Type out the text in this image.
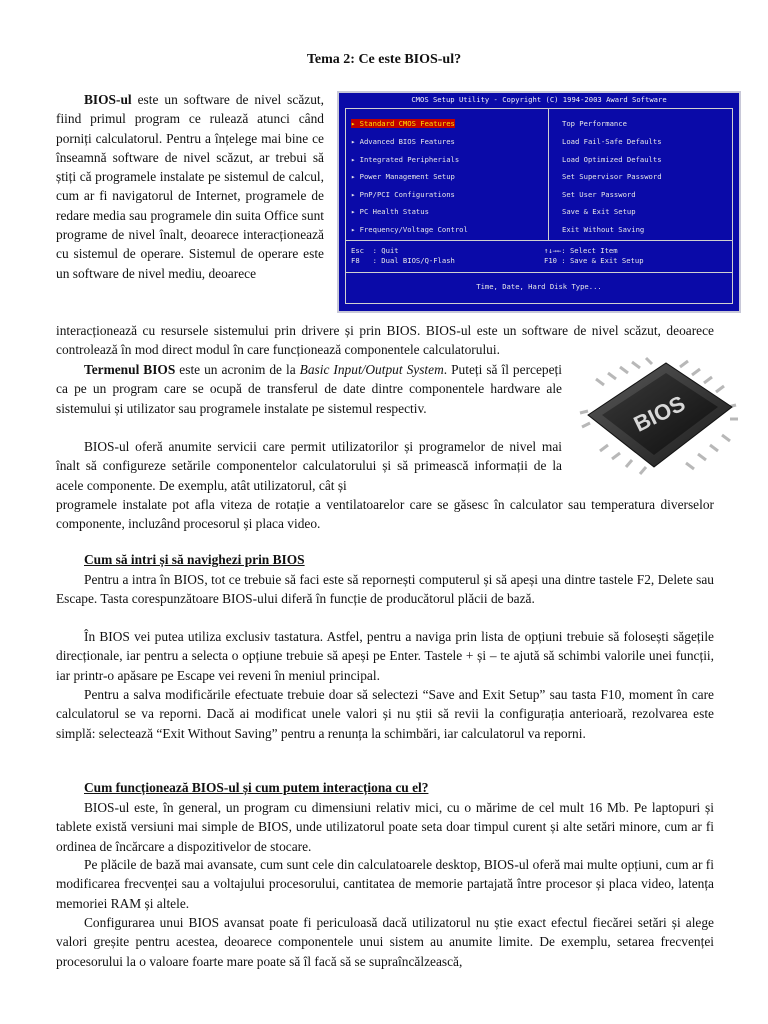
Tema 2: Ce este BIOS-ul?

BIOS-ul este un software de nivel scăzut, fiind primul program ce rulează atunci când porniți calculatorul. Pentru a înțelege mai bine ce înseamnă software de nivel scăzut, ar trebui să știți că programele instalate pe sistemul de calcul, cum ar fi navigatorul de Internet, programele de redare media sau programele din suita Office sunt programe de nivel înalt, deoarece interacționează cu sistemul de operare. Sistemul de operare este un software de nivel mediu, deoarece

interacționează cu resursele sistemului prin drivere și prin BIOS. BIOS-ul este un software de nivel scăzut, deoarece controlează în mod direct modul în care funcționează componentele calculatorului.

CMOS Setup Utility - Copyright (C) 1994-2003 Award Software
▸ Standard CMOS Features
▸ Advanced BIOS Features
▸ Integrated Peripherials
▸ Power Management Setup
▸ PnP/PCI Configurations
▸ PC Health Status
▸ Frequency/Voltage Control
Top Performance
Load Fail-Safe Defaults
Load Optimized Defaults
Set Supervisor Password
Set User Password
Save & Exit Setup
Exit Without Saving
Esc  : Quit
F8   : Dual BIOS/Q-Flash
↑↓→←: Select Item
F10 : Save & Exit Setup
Time, Date, Hard Disk Type...

Termenul BIOS este un acronim de la Basic Input/Output System. Puteți să îl percepeți ca pe un program care se ocupă de transferul de date dintre componentele hardware ale sistemului și utilizator sau programele instalate pe sistemul respectiv.

BIOS-ul oferă anumite servicii care permit utilizatorilor și programelor de nivel mai înalt să configureze setările componentelor calculatorului și să primească informații de la acele componente. De exemplu, atât utilizatorul, cât și

programele instalate pot afla viteza de rotație a ventilatoarelor care se găsesc în calculator sau temperatura diverselor componente, incluzând procesorul și placa video.

BIOS
Cum să intri și să navighezi prin BIOS

Pentru a intra în BIOS, tot ce trebuie să faci este să repornești computerul și să apeși una dintre tastele F2, Delete sau Escape. Tasta corespunzătoare BIOS-ului diferă în funcție de producătorul plăcii de bază.

În BIOS vei putea utiliza exclusiv tastatura. Astfel, pentru a naviga prin lista de opțiuni trebuie să folosești săgețile direcționale, iar pentru a selecta o opțiune trebuie să apeși pe Enter. Tastele + și – te ajută să schimbi valorile unei funcții, iar printr-o apăsare pe Escape vei reveni în meniul principal.

Pentru a salva modificările efectuate trebuie doar să selectezi “Save and Exit Setup” sau tasta F10, moment în care calculatorul se va reporni. Dacă ai modificat unele valori și nu știi să revii la configurația anterioară, rezolvarea este simplă: selectează “Exit Without Saving” pentru a renunța la schimbări, iar calculatorul va reporni.

Cum funcționează BIOS-ul și cum putem interacționa cu el?

BIOS-ul este, în general, un program cu dimensiuni relativ mici, cu o mărime de cel mult 16 Mb. Pe laptopuri și tablete există versiuni mai simple de BIOS, unde utilizatorul poate seta doar timpul curent și alte setări minore, cum ar fi ordinea de încărcare a dispozitivelor de stocare.

Pe plăcile de bază mai avansate, cum sunt cele din calculatoarele desktop, BIOS-ul oferă mai multe opțiuni, cum ar fi modificarea frecvenței sau a voltajului procesorului, cantitatea de memorie partajată între procesor și placa video, latența memoriei RAM și altele.

Configurarea unui BIOS avansat poate fi periculoasă dacă utilizatorul nu știe exact efectul fiecărei setări și alege valori greșite pentru acestea, deoarece componentele unui sistem au anumite limite. De exemplu, setarea frecvenței procesorului la o valoare foarte mare poate să îl facă să se supraîncălzească,
